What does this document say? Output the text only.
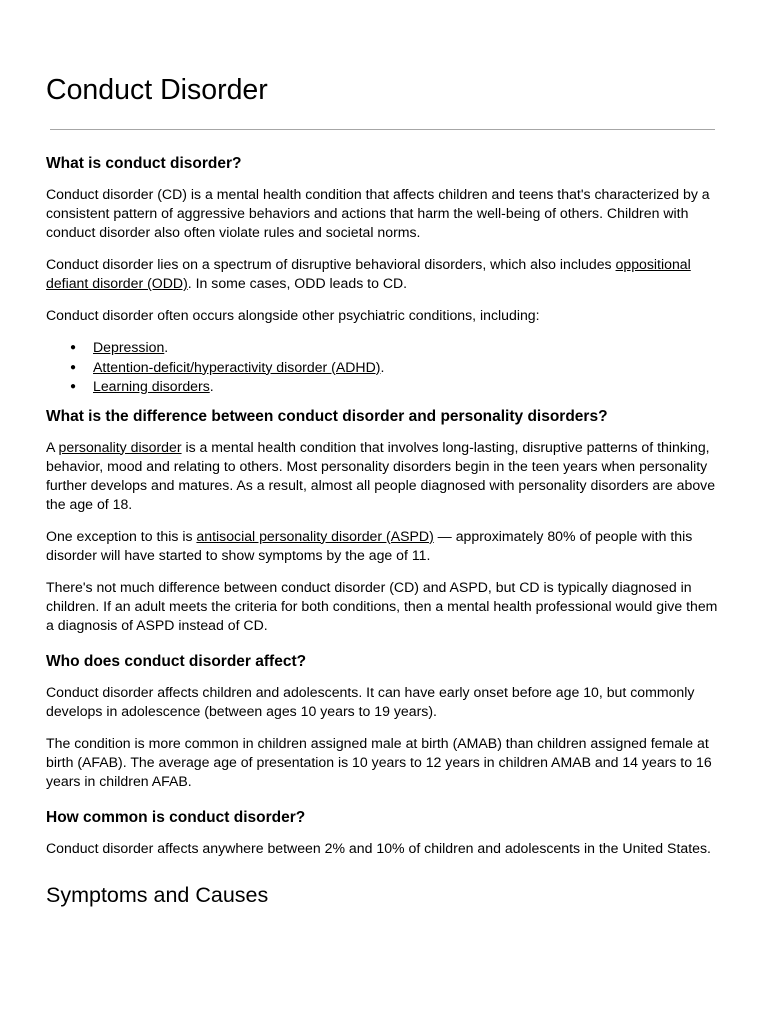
Conduct Disorder
What is conduct disorder?

Conduct disorder (CD) is a mental health condition that affects children and teens that's characterized by a consistent pattern of aggressive behaviors and actions that harm the well-being of others. Children with conduct disorder also often violate rules and societal norms.

Conduct disorder lies on a spectrum of disruptive behavioral disorders, which also includes oppositional defiant disorder (ODD). In some cases, ODD leads to CD.

Conduct disorder often occurs alongside other psychiatric conditions, including:

● Depression.
● Attention-deficit/hyperactivity disorder (ADHD).
● Learning disorders.
What is the difference between conduct disorder and personality disorders?

A personality disorder is a mental health condition that involves long-lasting, disruptive patterns of thinking, behavior, mood and relating to others. Most personality disorders begin in the teen years when personality further develops and matures. As a result, almost all people diagnosed with personality disorders are above the age of 18.

One exception to this is antisocial personality disorder (ASPD) — approximately 80% of people with this disorder will have started to show symptoms by the age of 11.

There's not much difference between conduct disorder (CD) and ASPD, but CD is typically diagnosed in children. If an adult meets the criteria for both conditions, then a mental health professional would give them a diagnosis of ASPD instead of CD.

Who does conduct disorder affect?

Conduct disorder affects children and adolescents. It can have early onset before age 10, but commonly develops in adolescence (between ages 10 years to 19 years).

The condition is more common in children assigned male at birth (AMAB) than children assigned female at birth (AFAB). The average age of presentation is 10 years to 12 years in children AMAB and 14 years to 16 years in children AFAB.

How common is conduct disorder?

Conduct disorder affects anywhere between 2% and 10% of children and adolescents in the United States.

Symptoms and Causes
